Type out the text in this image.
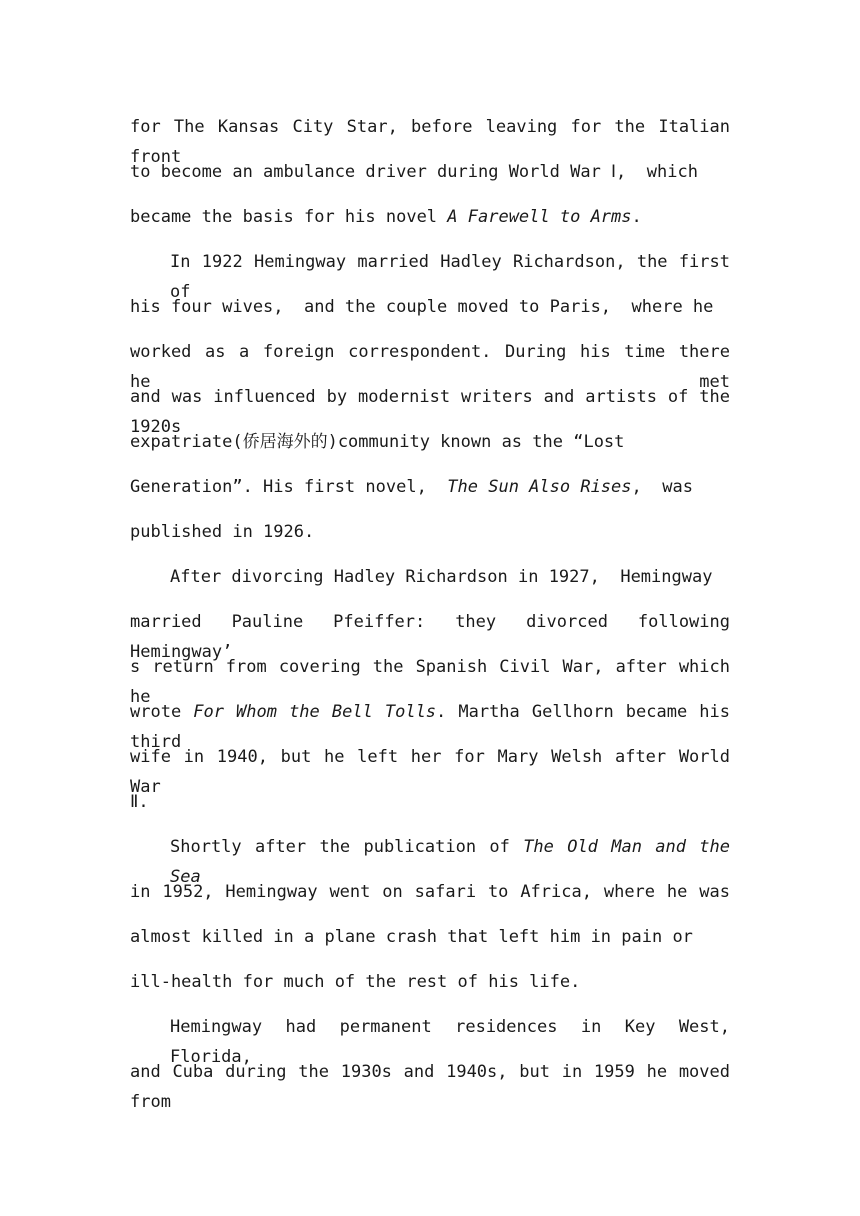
for The Kansas City Star, before leaving for the Italian front
to become an ambulance driver during World War Ⅰ,  which
became the basis for his novel A Farewell to Arms.
In 1922 Hemingway married Hadley Richardson, the first of
his four wives,  and the couple moved to Paris,  where he
worked as a foreign correspondent. During his time there he met
and was influenced by modernist writers and artists of the 1920s
expatriate(侨居海外的)community known as the “Lost
Generation”. His first novel,  The Sun Also Rises,  was
published in 1926.
After divorcing Hadley Richardson in 1927,  Hemingway
married Pauline Pfeiffer: they divorced following Hemingway’
s return from covering the Spanish Civil War, after which he
wrote For Whom the Bell Tolls. Martha Gellhorn became his third
wife in 1940, but he left her for Mary Welsh after World War
Ⅱ.
Shortly after the publication of The Old Man and the Sea
in 1952, Hemingway went on safari to Africa, where he was
almost killed in a plane crash that left him in pain or
ill-health for much of the rest of his life.
Hemingway had permanent residences in Key West, Florida,
and Cuba during the 1930s and 1940s, but in 1959 he moved from
